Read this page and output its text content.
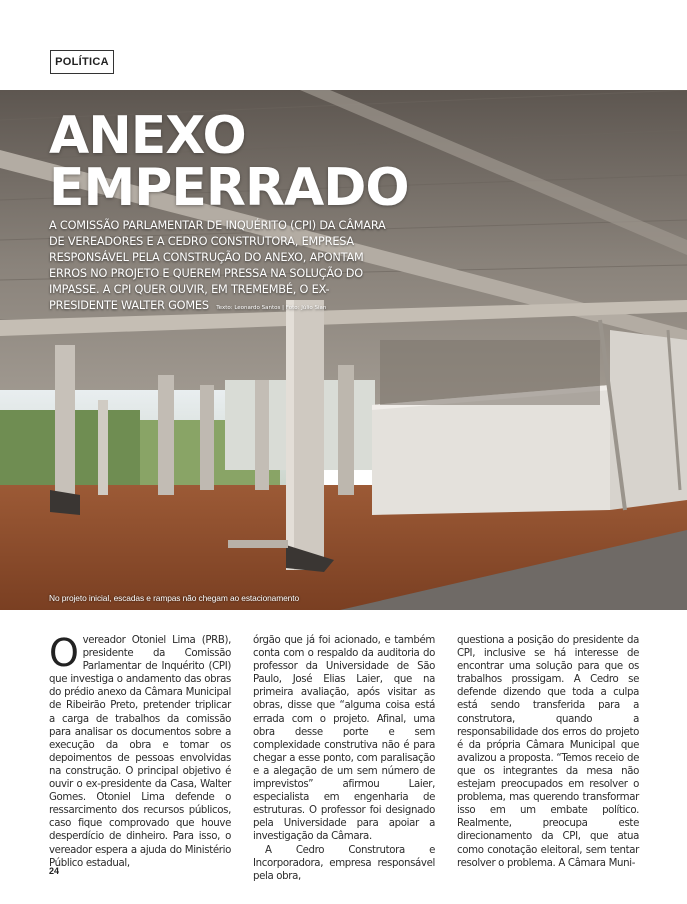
POLÍTICA
ANEXO
EMPERRADO

A COMISSÃO PARLAMENTAR DE INQUÉRITO (CPI) DA CÂMARA DE VEREADORES E A CEDRO CONSTRUTORA, EMPRESA RESPONSÁVEL PELA CONSTRUÇÃO DO ANEXO, APONTAM ERROS NO PROJETO E QUEREM PRESSA NA SOLUÇÃO DO IMPASSE. A CPI QUER OUVIR, EM TREMEMBÉ, O EX-PRESIDENTE WALTER GOMES Texto: Leonardo Santos | Foto: Júlio Sian

No projeto inicial, escadas e rampas não chegam ao estacionamento

Overeador Otoniel Lima (PRB), presidente da Comissão Parlamentar de Inquérito (CPI) que investiga o andamento das obras do prédio anexo da Câmara Municipal de Ribeirão Preto, pretender triplicar a carga de trabalhos da comissão para analisar os documentos sobre a execução da obra e tomar os depoimentos de pessoas envolvidas na construção. O principal objetivo é ouvir o ex-presidente da Casa, Walter Gomes. Otoniel Lima defende o ressarcimento dos recursos públicos, caso fique comprovado que houve desperdício de dinheiro. Para isso, o vereador espera a ajuda do Ministério Público estadual,

órgão que já foi acionado, e também conta com o respaldo da auditoria do professor da Universidade de São Paulo, José Elias Laier, que na primeira avaliação, após visitar as obras, disse que “alguma coisa está errada com o projeto. Afinal, uma obra desse porte e sem complexidade construtiva não é para chegar a esse ponto, com paralisação e a alegação de um sem número de imprevistos” afirmou Laier, especialista em engenharia de estruturas. O professor foi designado pela Universidade para apoiar a investigação da Câmara.

A Cedro Construtora e Incorporadora, empresa responsável pela obra,

questiona a posição do presidente da CPI, inclusive se há interesse de encontrar uma solução para que os trabalhos prossigam. A Cedro se defende dizendo que toda a culpa está sendo transferida para a construtora, quando a responsabilidade dos erros do projeto é da própria Câmara Municipal que avalizou a proposta. “Temos receio de que os integrantes da mesa não estejam preocupados em resolver o problema, mas querendo transformar isso em um embate político. Realmente, preocupa este direcionamento da CPI, que atua como conotação eleitoral, sem tentar resolver o problema. A Câmara Muni-

24
